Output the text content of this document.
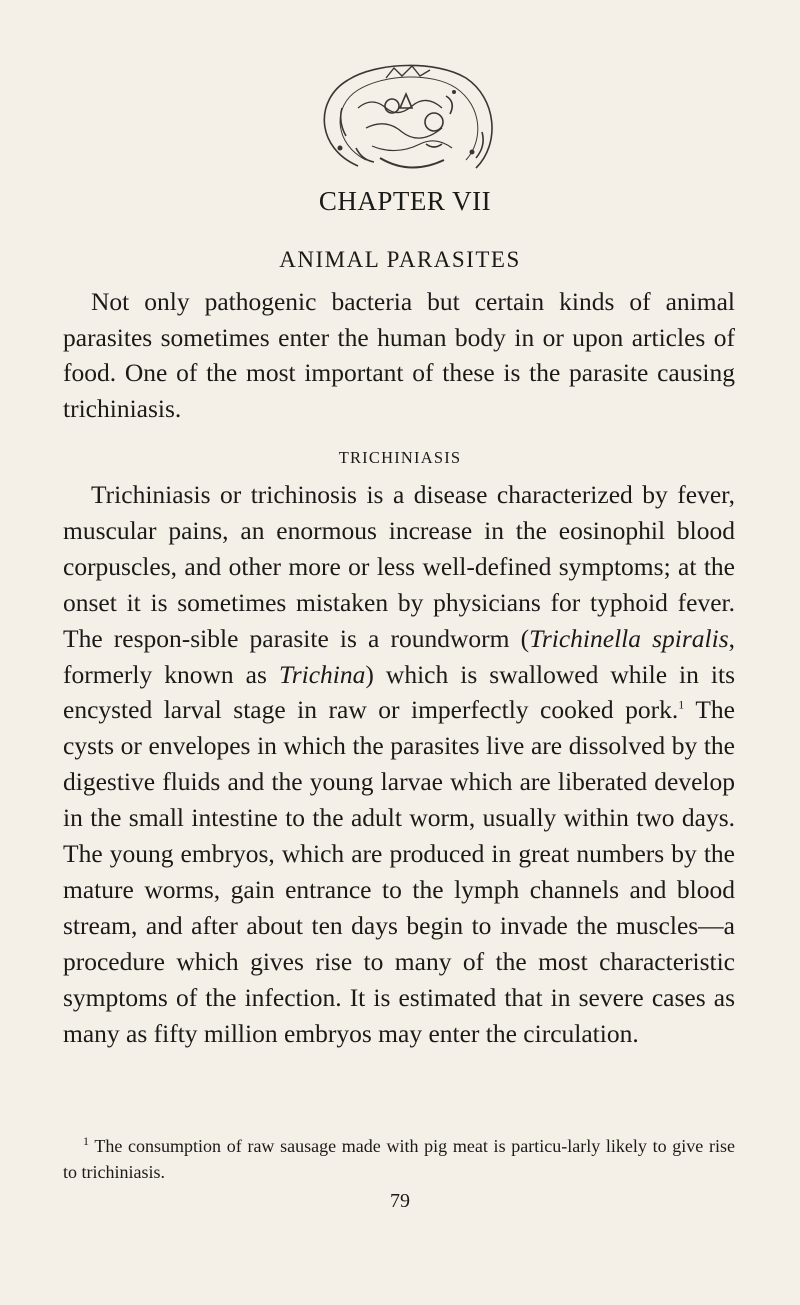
CHAPTER VII
ANIMAL PARASITES

Not only pathogenic bacteria but certain kinds of animal parasites sometimes enter the human body in or upon articles of food. One of the most important of these is the parasite causing trichiniasis.

TRICHINIASIS

Trichiniasis or trichinosis is a disease characterized by fever, muscular pains, an enormous increase in the eosinophil blood corpuscles, and other more or less well-defined symptoms; at the onset it is sometimes mistaken by physicians for typhoid fever. The respon-sible parasite is a roundworm (Trichinella spiralis, formerly known as Trichina) which is swallowed while in its encysted larval stage in raw or imperfectly cooked pork.$^1$ The cysts or envelopes in which the parasites live are dissolved by the digestive fluids and the young larvae which are liberated develop in the small intestine to the adult worm, usually within two days. The young embryos, which are produced in great numbers by the mature worms, gain entrance to the lymph channels and blood stream, and after about ten days begin to invade the muscles—a procedure which gives rise to many of the most characteristic symptoms of the infection. It is estimated that in severe cases as many as fifty million embryos may enter the circulation.

$^1$ The consumption of raw sausage made with pig meat is particu-larly likely to give rise to trichiniasis.

79
